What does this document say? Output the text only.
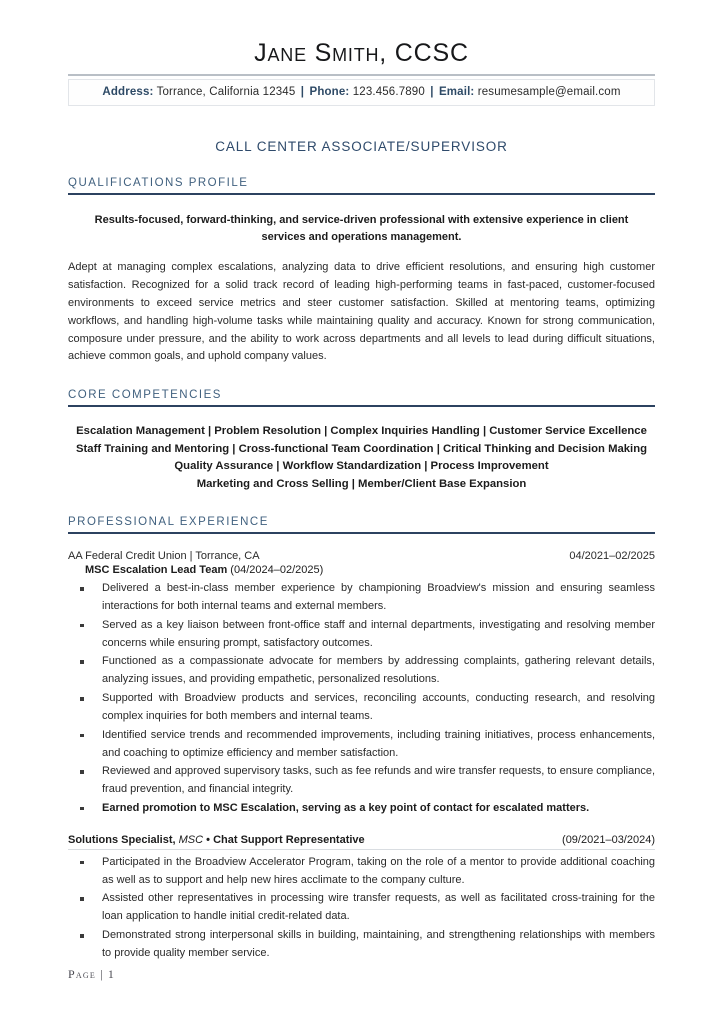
Jane Smith, CCSC
Address: Torrance, California 12345 | Phone: 123.456.7890 | Email: resumesample@email.com
CALL CENTER ASSOCIATE/SUPERVISOR
QUALIFICATIONS PROFILE
Results-focused, forward-thinking, and service-driven professional with extensive experience in client services and operations management.
Adept at managing complex escalations, analyzing data to drive efficient resolutions, and ensuring high customer satisfaction. Recognized for a solid track record of leading high-performing teams in fast-paced, customer-focused environments to exceed service metrics and steer customer satisfaction. Skilled at mentoring teams, optimizing workflows, and handling high-volume tasks while maintaining quality and accuracy. Known for strong communication, composure under pressure, and the ability to work across departments and all levels to lead during difficult situations, achieve common goals, and uphold company values.
CORE COMPETENCIES
Escalation Management | Problem Resolution | Complex Inquiries Handling | Customer Service Excellence
Staff Training and Mentoring | Cross-functional Team Coordination | Critical Thinking and Decision Making
Quality Assurance | Workflow Standardization | Process Improvement
Marketing and Cross Selling | Member/Client Base Expansion
PROFESSIONAL EXPERIENCE
AA Federal Credit Union | Torrance, CA	04/2021–02/2025
MSC Escalation Lead Team (04/2024–02/2025)
Delivered a best-in-class member experience by championing Broadview's mission and ensuring seamless interactions for both internal teams and external members.
Served as a key liaison between front-office staff and internal departments, investigating and resolving member concerns while ensuring prompt, satisfactory outcomes.
Functioned as a compassionate advocate for members by addressing complaints, gathering relevant details, analyzing issues, and providing empathetic, personalized resolutions.
Supported with Broadview products and services, reconciling accounts, conducting research, and resolving complex inquiries for both members and internal teams.
Identified service trends and recommended improvements, including training initiatives, process enhancements, and coaching to optimize efficiency and member satisfaction.
Reviewed and approved supervisory tasks, such as fee refunds and wire transfer requests, to ensure compliance, fraud prevention, and financial integrity.
Earned promotion to MSC Escalation, serving as a key point of contact for escalated matters.
Solutions Specialist, MSC • Chat Support Representative	(09/2021–03/2024)
Participated in the Broadview Accelerator Program, taking on the role of a mentor to provide additional coaching as well as to support and help new hires acclimate to the company culture.
Assisted other representatives in processing wire transfer requests, as well as facilitated cross-training for the loan application to handle initial credit-related data.
Demonstrated strong interpersonal skills in building, maintaining, and strengthening relationships with members to provide quality member service.
Page | 1
